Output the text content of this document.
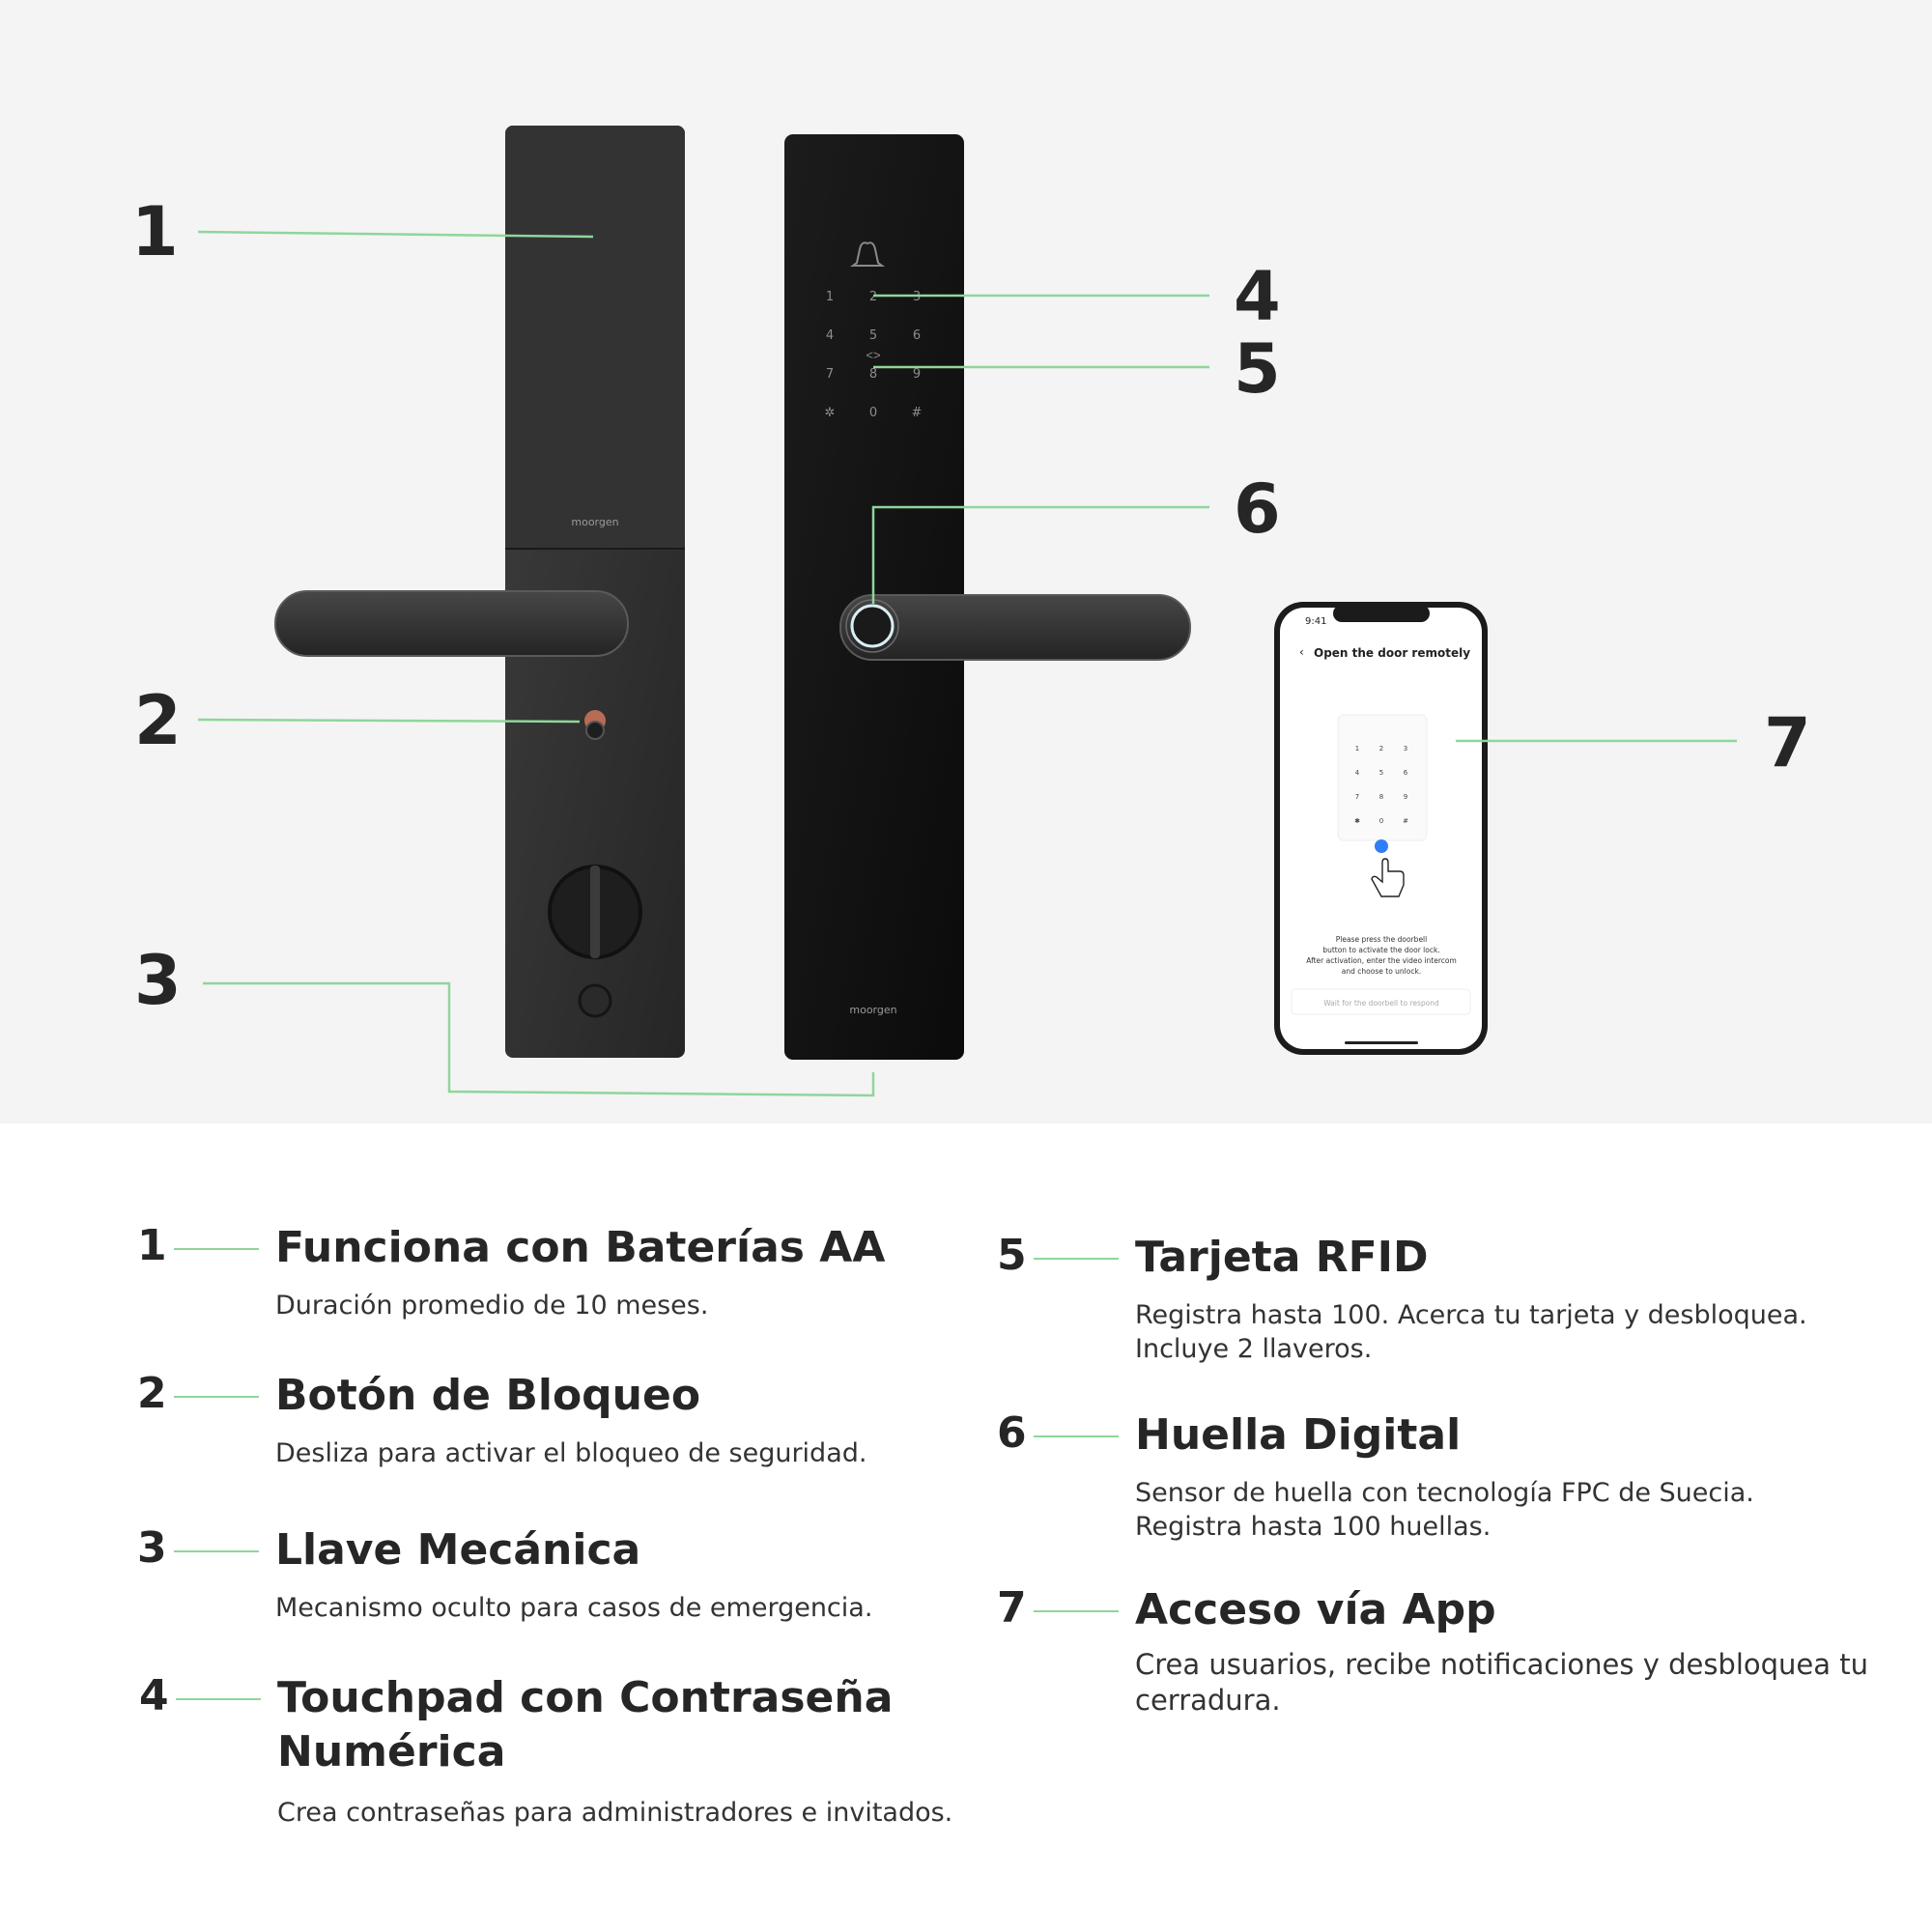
moorgen
1	2	3
4	5	6
7	8	9
✲	0	#
<>
moorgen
9:41
‹ Open the door remotely
1	2	3
4	5	6
7	8	9
✱	0	#
Please press the doorbell
button to activate the door lock.
After activation, enter the video intercom
and choose to unlock.
Wait for the doorbell to respond
1
2
3
4
5
6
7
1	Funciona con Baterías AA

Duración promedio de 10 meses.

2	Botón de Bloqueo

Desliza para activar el bloqueo de seguridad.

3	Llave Mecánica

Mecanismo oculto para casos de emergencia.

4	Touchpad con Contraseña Numérica

Crea contraseñas para administradores e invitados.

5	Tarjeta RFID

Registra hasta 100. Acerca tu tarjeta y desbloquea. Incluye 2 llaveros.

6	Huella Digital

Sensor de huella con tecnología FPC de Suecia. Registra hasta 100 huellas.

7	Acceso vía App

Crea usuarios, recibe notificaciones y desbloquea tu cerradura.
